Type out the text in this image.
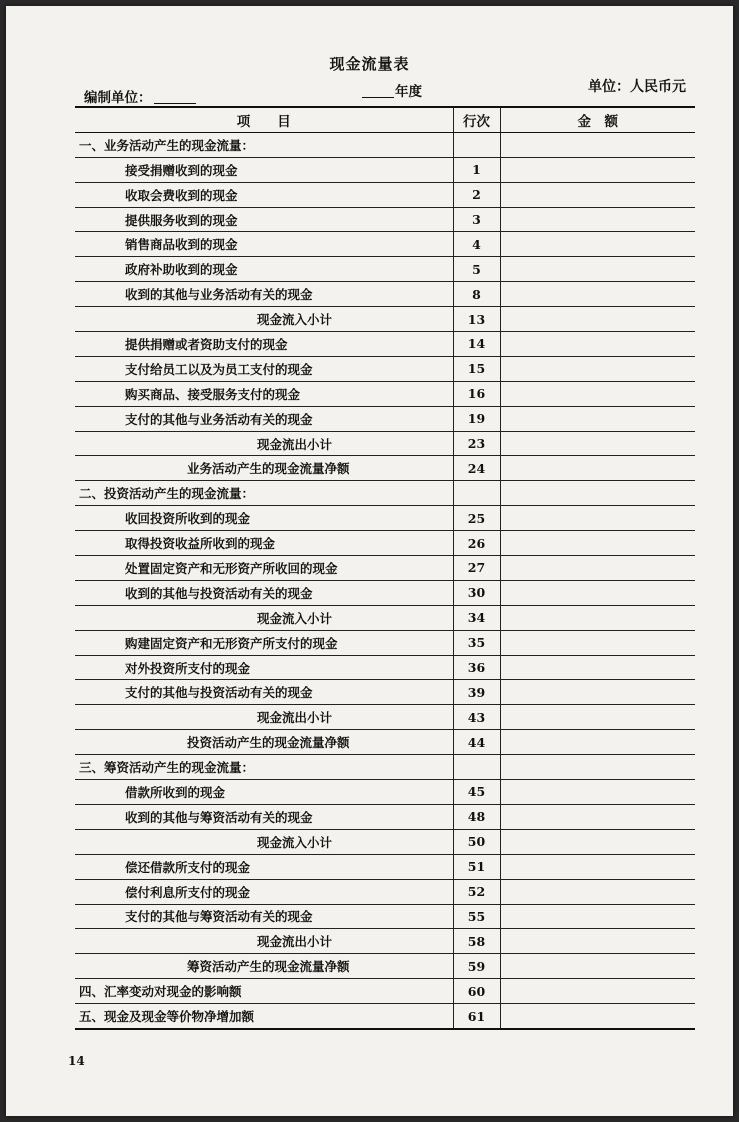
现金流量表
编制单位：	年度	单位：人民币元
项　　目	行次	金　额
一、业务活动产生的现金流量：		
接受捐赠收到的现金	1	
收取会费收到的现金	2	
提供服务收到的现金	3	
销售商品收到的现金	4	
政府补助收到的现金	5	
收到的其他与业务活动有关的现金	8	
现金流入小计	13	
提供捐赠或者资助支付的现金	14	
支付给员工以及为员工支付的现金	15	
购买商品、接受服务支付的现金	16	
支付的其他与业务活动有关的现金	19	
现金流出小计	23	
业务活动产生的现金流量净额	24	
二、投资活动产生的现金流量：		
收回投资所收到的现金	25	
取得投资收益所收到的现金	26	
处置固定资产和无形资产所收回的现金	27	
收到的其他与投资活动有关的现金	30	
现金流入小计	34	
购建固定资产和无形资产所支付的现金	35	
对外投资所支付的现金	36	
支付的其他与投资活动有关的现金	39	
现金流出小计	43	
投资活动产生的现金流量净额	44	
三、筹资活动产生的现金流量：		
借款所收到的现金	45	
收到的其他与筹资活动有关的现金	48	
现金流入小计	50	
偿还借款所支付的现金	51	
偿付利息所支付的现金	52	
支付的其他与筹资活动有关的现金	55	
现金流出小计	58	
筹资活动产生的现金流量净额	59	
四、汇率变动对现金的影响额	60	
五、现金及现金等价物净增加额	61	
14
